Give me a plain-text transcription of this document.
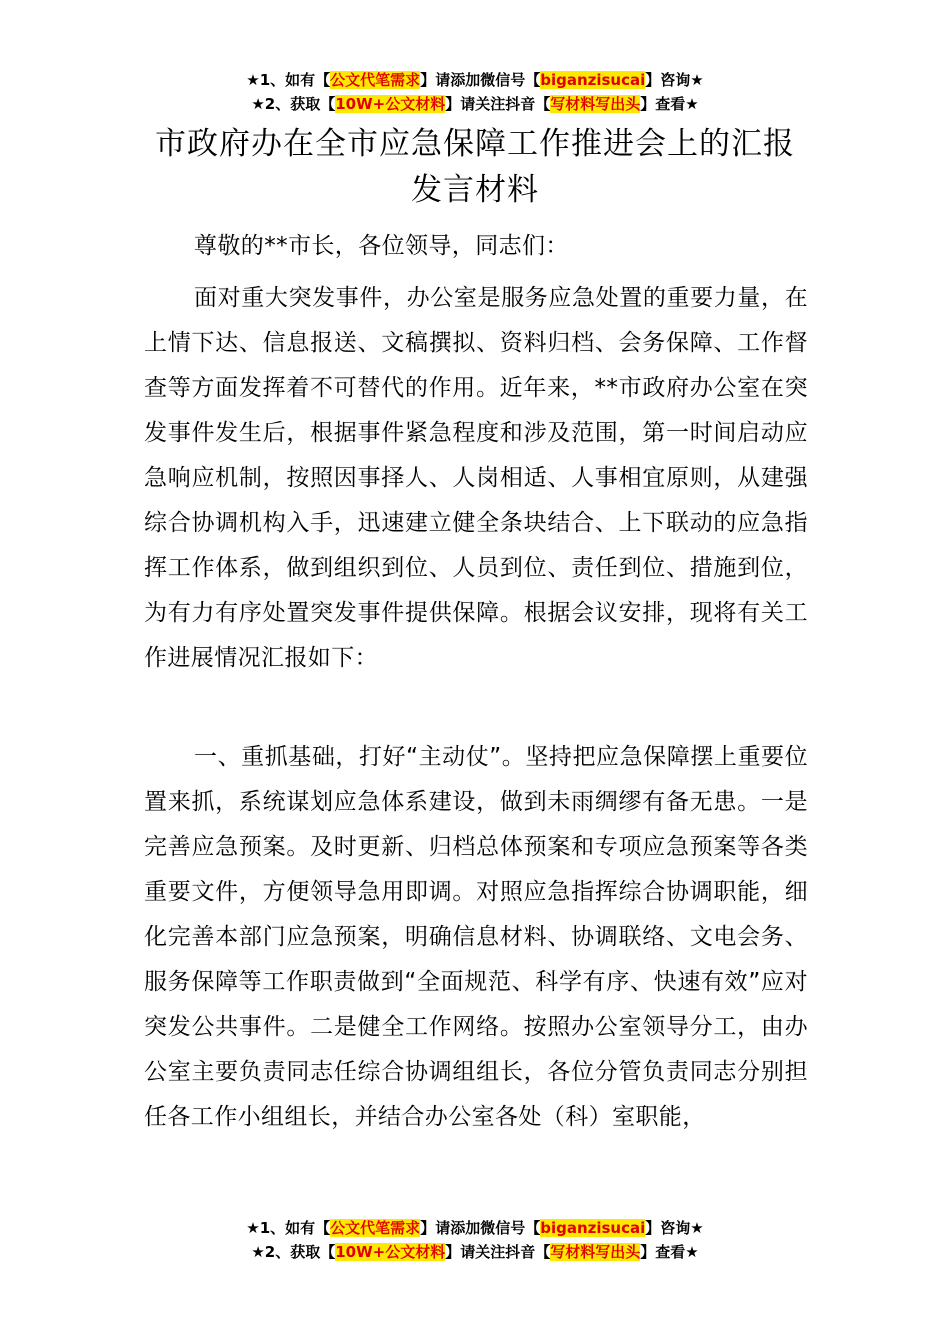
★1、如有【公文代笔需求】请添加微信号【biganzisucai】咨询★
★2、获取【10W+公文材料】请关注抖音【写材料写出头】查看★
市政府办在全市应急保障工作推进会上的汇报发言材料
尊敬的**市长，各位领导，同志们：
面对重大突发事件，办公室是服务应急处置的重要力量，在上情下达、信息报送、文稿撰拟、资料归档、会务保障、工作督查等方面发挥着不可替代的作用。近年来，**市政府办公室在突发事件发生后，根据事件紧急程度和涉及范围，第一时间启动应急响应机制，按照因事择人、人岗相适、人事相宜原则，从建强综合协调机构入手，迅速建立健全条块结合、上下联动的应急指挥工作体系，做到组织到位、人员到位、责任到位、措施到位，为有力有序处置突发事件提供保障。根据会议安排，现将有关工作进展情况汇报如下：
一、重抓基础，打好“主动仗”。坚持把应急保障摆上重要位置来抓，系统谋划应急体系建设，做到未雨绸缪有备无患。一是完善应急预案。及时更新、归档总体预案和专项应急预案等各类重要文件，方便领导急用即调。对照应急指挥综合协调职能，细化完善本部门应急预案，明确信息材料、协调联络、文电会务、服务保障等工作职责做到“全面规范、科学有序、快速有效”应对突发公共事件。二是健全工作网络。按照办公室领导分工，由办公室主要负责同志任综合协调组组长，各位分管负责同志分别担任各工作小组组长，并结合办公室各处（科）室职能，
★1、如有【公文代笔需求】请添加微信号【biganzisucai】咨询★
★2、获取【10W+公文材料】请关注抖音【写材料写出头】查看★
